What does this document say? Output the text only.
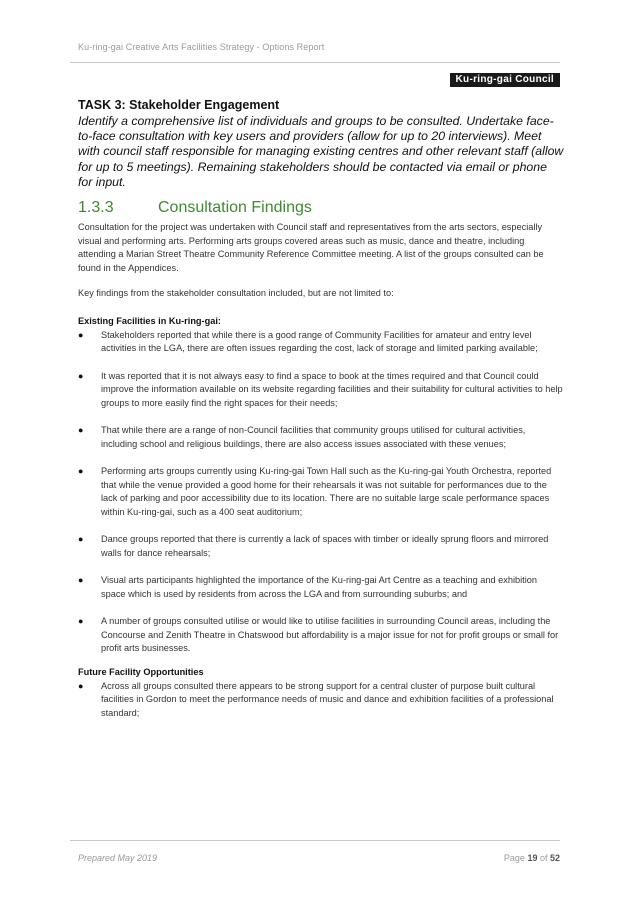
Ku-ring-gai Creative Arts Facilities Strategy - Options Report
Ku-ring-gai Council
TASK 3: Stakeholder Engagement
Identify a comprehensive list of individuals and groups to be consulted. Undertake face-to-face consultation with key users and providers (allow for up to 20 interviews). Meet with council staff responsible for managing existing centres and other relevant staff (allow for up to 5 meetings). Remaining stakeholders should be contacted via email or phone for input.
1.3.3	Consultation Findings

Consultation for the project was undertaken with Council staff and representatives from the arts sectors, especially visual and performing arts. Performing arts groups covered areas such as music, dance and theatre, including attending a Marian Street Theatre Community Reference Committee meeting. A list of the groups consulted can be found in the Appendices.

Key findings from the stakeholder consultation included, but are not limited to:

Existing Facilities in Ku-ring-gai:

● Stakeholders reported that while there is a good range of Community Facilities for amateur and entry level activities in the LGA, there are often issues regarding the cost, lack of storage and limited parking available;
● It was reported that it is not always easy to find a space to book at the times required and that Council could improve the information available on its website regarding facilities and their suitability for cultural activities to help groups to more easily find the right spaces for their needs;
● That while there are a range of non-Council facilities that community groups utilised for cultural activities, including school and religious buildings, there are also access issues associated with these venues;
● Performing arts groups currently using Ku-ring-gai Town Hall such as the Ku-ring-gai Youth Orchestra, reported that while the venue provided a good home for their rehearsals it was not suitable for performances due to the lack of parking and poor accessibility due to its location. There are no suitable large scale performance spaces within Ku-ring-gai, such as a 400 seat auditorium;
● Dance groups reported that there is currently a lack of spaces with timber or ideally sprung floors and mirrored walls for dance rehearsals;
● Visual arts participants highlighted the importance of the Ku-ring-gai Art Centre as a teaching and exhibition space which is used by residents from across the LGA and from surrounding suburbs; and
● A number of groups consulted utilise or would like to utilise facilities in surrounding Council areas, including the Concourse and Zenith Theatre in Chatswood but affordability is a major issue for not for profit groups or small for profit arts businesses.

Future Facility Opportunities

● Across all groups consulted there appears to be strong support for a central cluster of purpose built cultural facilities in Gordon to meet the performance needs of music and dance and exhibition facilities of a professional standard;
Prepared May 2019	Page 19 of 52
